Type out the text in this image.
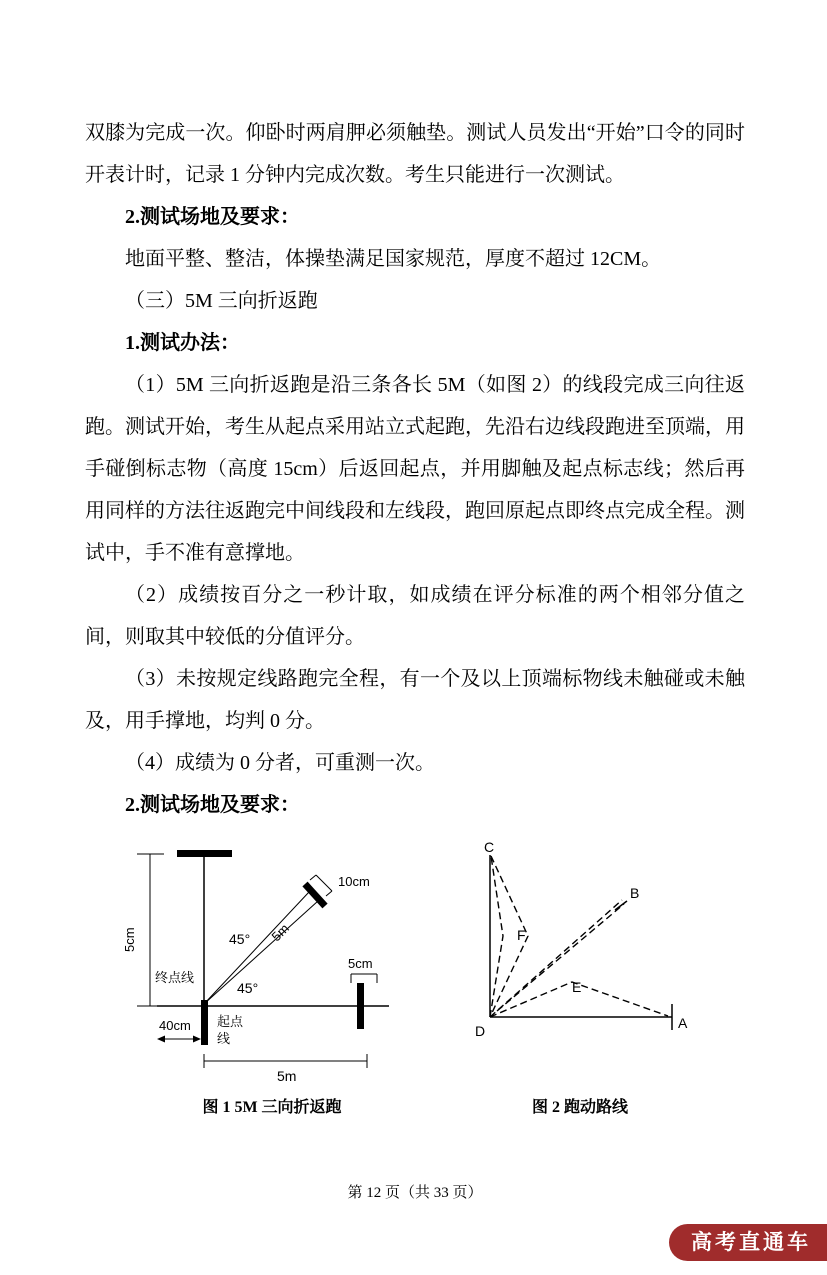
双膝为完成一次。仰卧时两肩胛必须触垫。测试人员发出“开始”口令的同时开表计时，记录 1 分钟内完成次数。考生只能进行一次测试。

2.测试场地及要求：

地面平整、整洁，体操垫满足国家规范，厚度不超过 12CM。

（三）5M 三向折返跑

1.测试办法：

（1）5M 三向折返跑是沿三条各长 5M（如图 2）的线段完成三向往返跑。测试开始，考生从起点采用站立式起跑，先沿右边线段跑进至顶端，用手碰倒标志物（高度 15cm）后返回起点，并用脚触及起点标志线；然后再用同样的方法往返跑完中间线段和左线段，跑回原起点即终点完成全程。测试中，手不准有意撑地。

（2）成绩按百分之一秒计取，如成绩在评分标准的两个相邻分值之间，则取其中较低的分值评分。

（3）未按规定线路跑完全程，有一个及以上顶端标物线未触碰或未触及，用手撑地，均判 0 分。

（4）成绩为 0 分者，可重测一次。

2.测试场地及要求：

5cm
5cm
10cm
45°
45°
5m
终点线
40cm 起点
线
5m
图 1 5M 三向折返跑
C
D	A
B
F
E
图 2 跑动路线
第 12 页（共 33 页）
高考直通车
